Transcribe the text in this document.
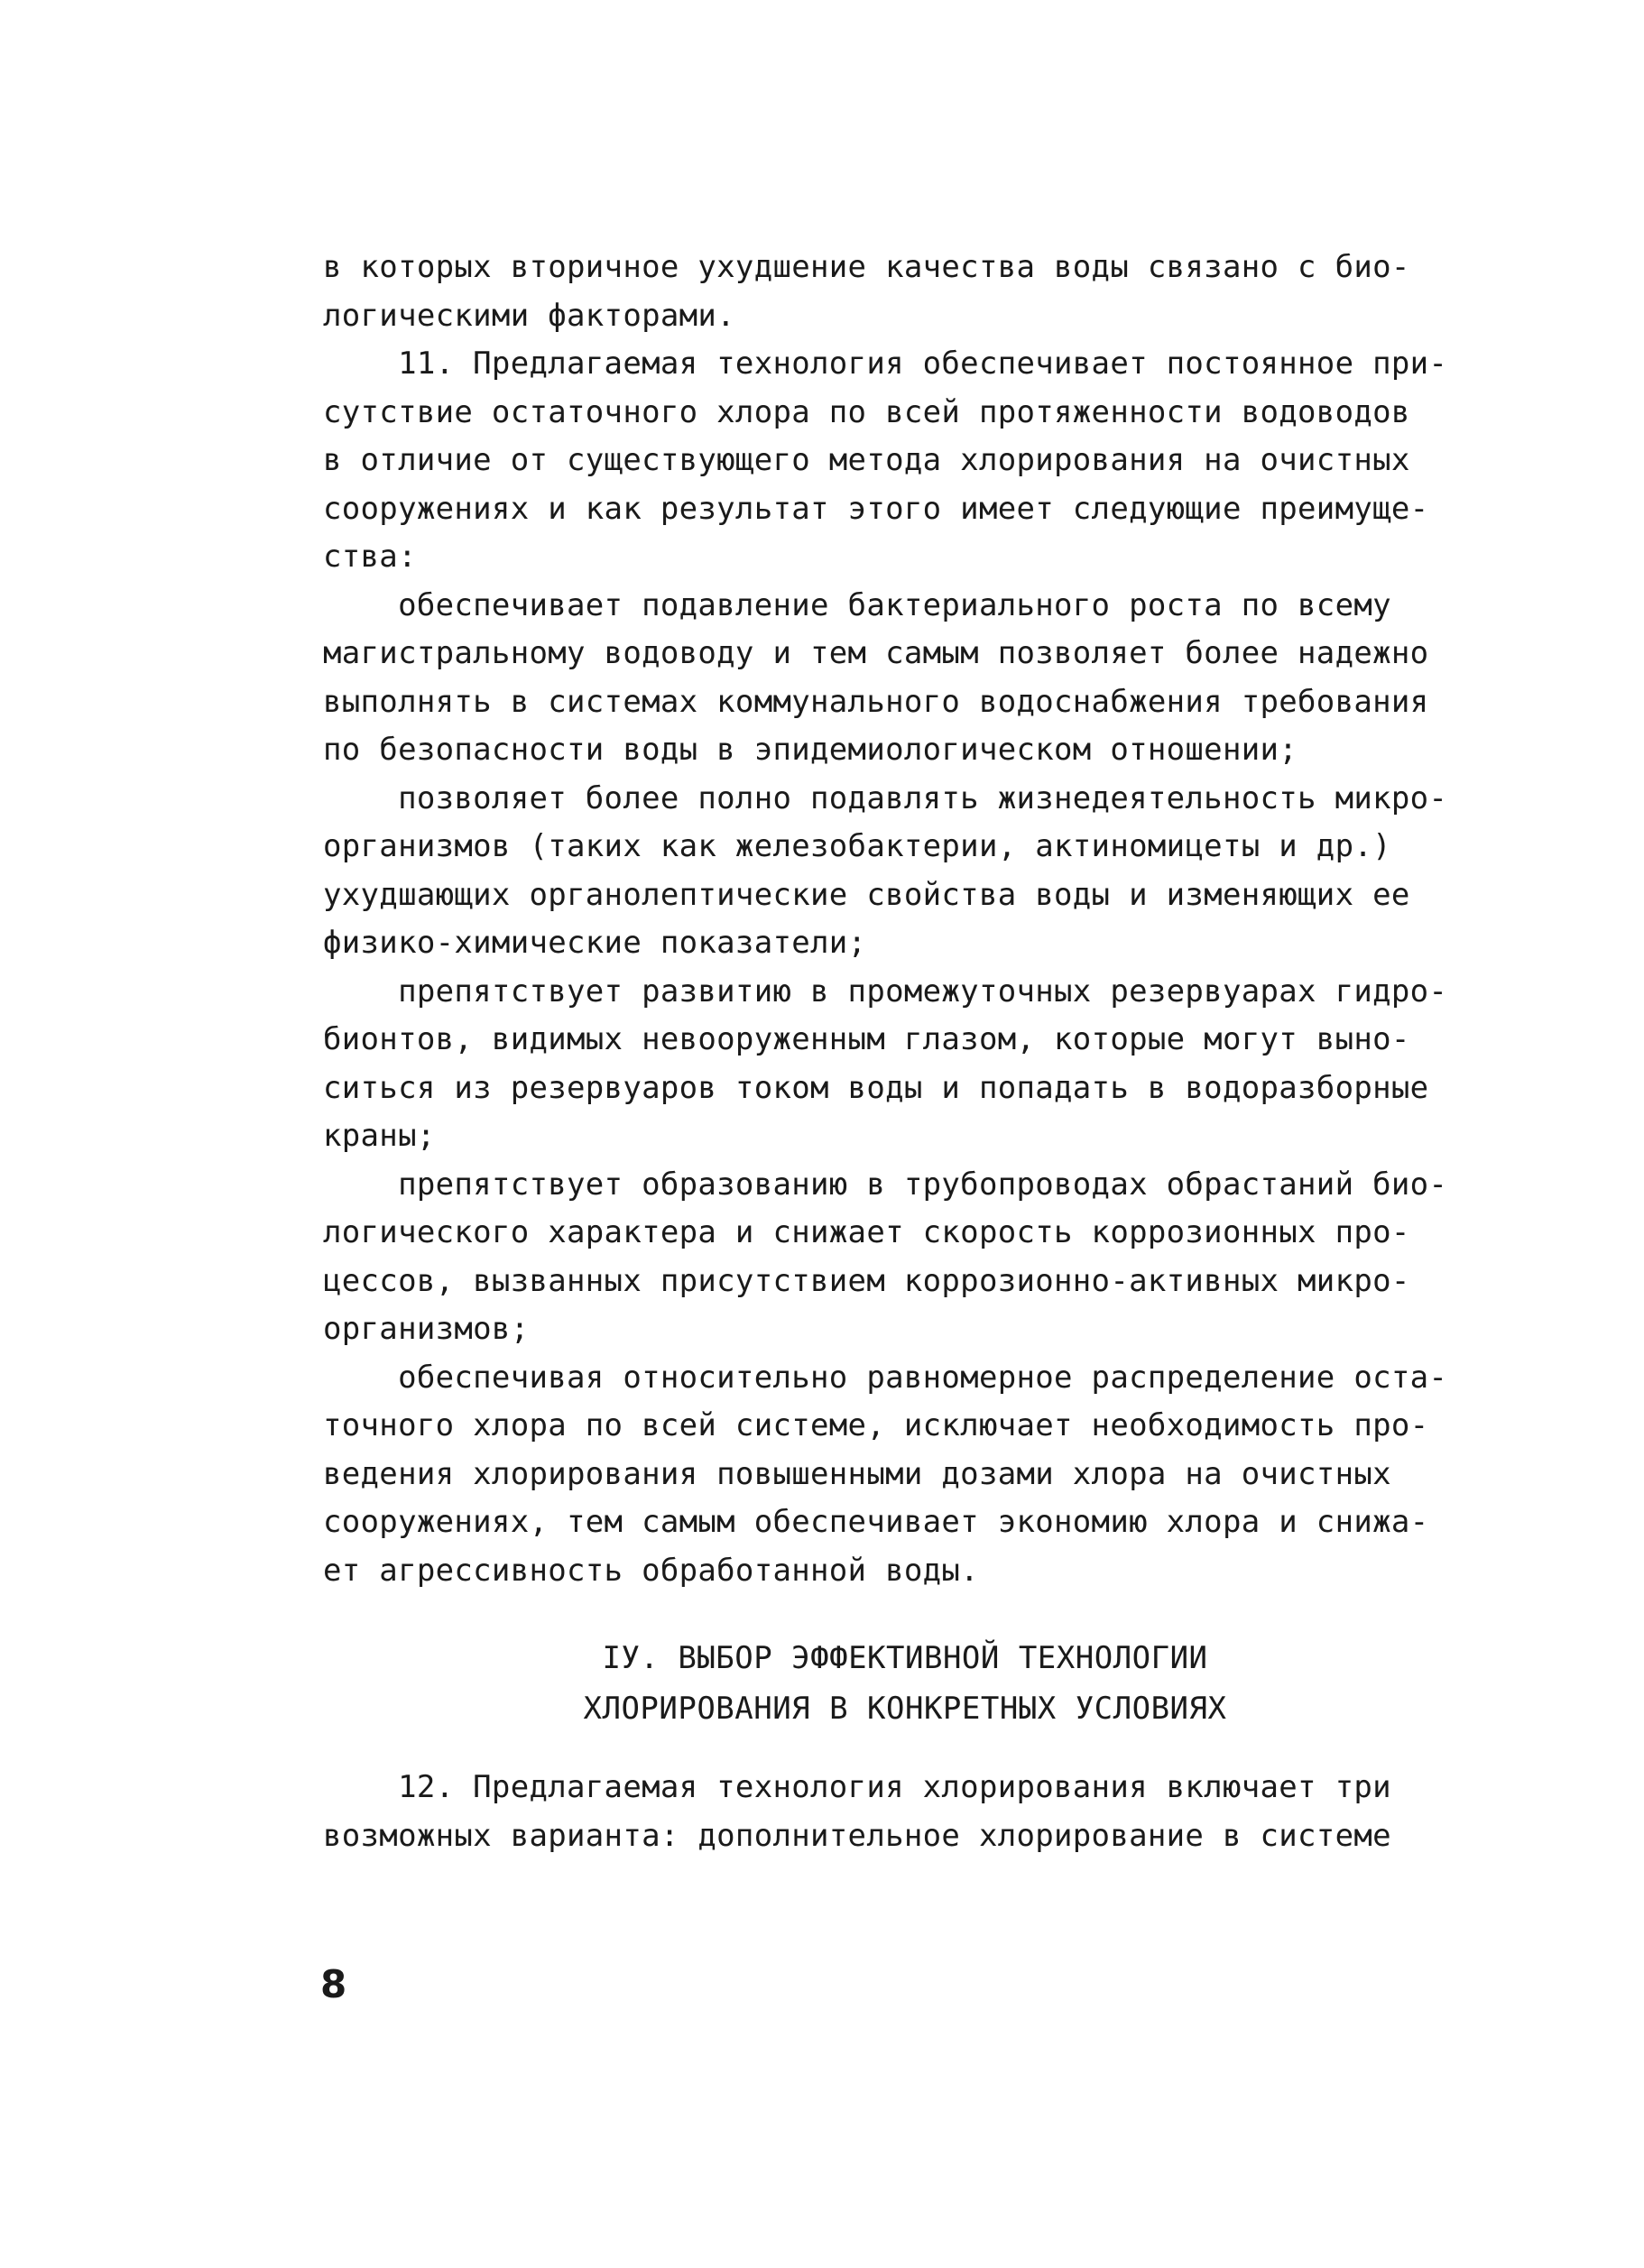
в которых вторичное ухудшение качества воды связано с био-
логическими факторами.
11. Предлагаемая технология обеспечивает постоянное при-
сутствие остаточного хлора по всей протяженности водоводов
в отличие от существующего метода хлорирования на очистных
сооружениях и как результат этого имеет следующие преимуще-
ства:
обеспечивает подавление бактериального роста по всему
магистральному водоводу и тем самым позволяет более надежно
выполнять в системах коммунального водоснабжения требования
по безопасности воды в эпидемиологическом отношении;
позволяет более полно подавлять жизнедеятельность микро-
организмов (таких как железобактерии, актиномицеты и др.)
ухудшающих органолептические свойства воды и изменяющих ее
физико-химические показатели;
препятствует развитию в промежуточных резервуарах гидро-
бионтов, видимых невооруженным глазом, которые могут выно-
ситься из резервуаров током воды и попадать в водоразборные
краны;
препятствует образованию в трубопроводах обрастаний био-
логического характера и снижает скорость коррозионных про-
цессов, вызванных присутствием коррозионно-активных микро-
организмов;
обеспечивая относительно равномерное распределение оста-
точного хлора по всей системе, исключает необходимость про-
ведения хлорирования повышенными дозами хлора на очистных
сооружениях, тем самым обеспечивает экономию хлора и снижа-
ет агрессивность обработанной воды.
IУ. ВЫБОР ЭФФЕКТИВНОЙ ТЕХНОЛОГИИ
ХЛОРИРОВАНИЯ В КОНКРЕТНЫХ УСЛОВИЯХ
12. Предлагаемая технология хлорирования включает три
возможных варианта: дополнительное хлорирование в системе
8
